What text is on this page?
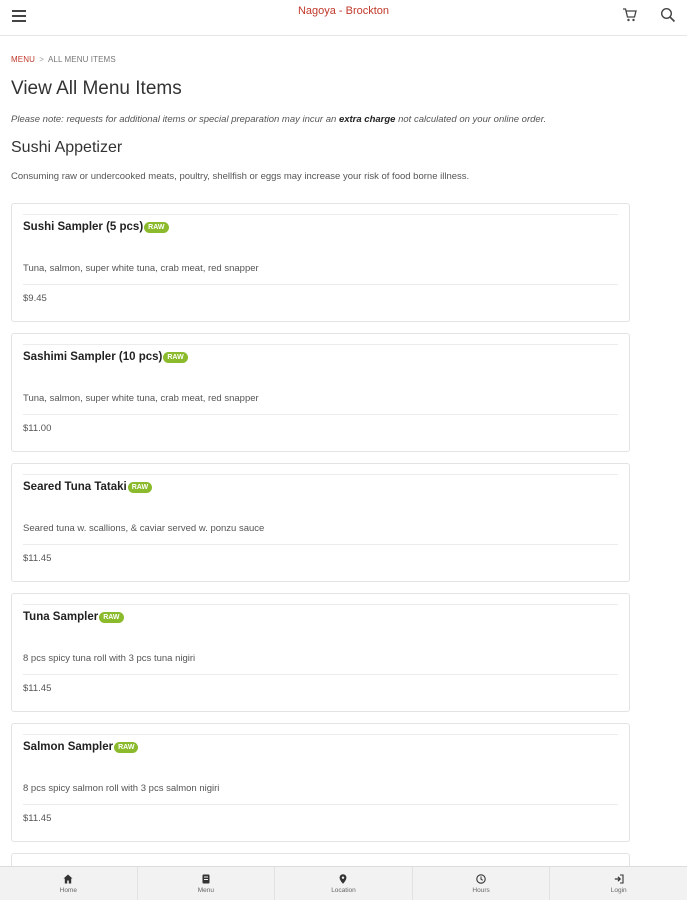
Nagoya - Brockton
MENU > ALL MENU ITEMS
View All Menu Items
Please note: requests for additional items or special preparation may incur an extra charge not calculated on your online order.
Sushi Appetizer
Consuming raw or undercooked meats, poultry, shellfish or eggs may increase your risk of food borne illness.
Sushi Sampler (5 pcs) RAW
Tuna, salmon, super white tuna, crab meat, red snapper
$9.45
Sashimi Sampler (10 pcs) RAW
Tuna, salmon, super white tuna, crab meat, red snapper
$11.00
Seared Tuna Tataki RAW
Seared tuna w. scallions, & caviar served w. ponzu sauce
$11.45
Tuna Sampler RAW
8 pcs spicy tuna roll with 3 pcs tuna nigiri
$11.45
Salmon Sampler RAW
8 pcs spicy salmon roll with 3 pcs salmon nigiri
$11.45
Home	Menu	Location	Hours	Login
